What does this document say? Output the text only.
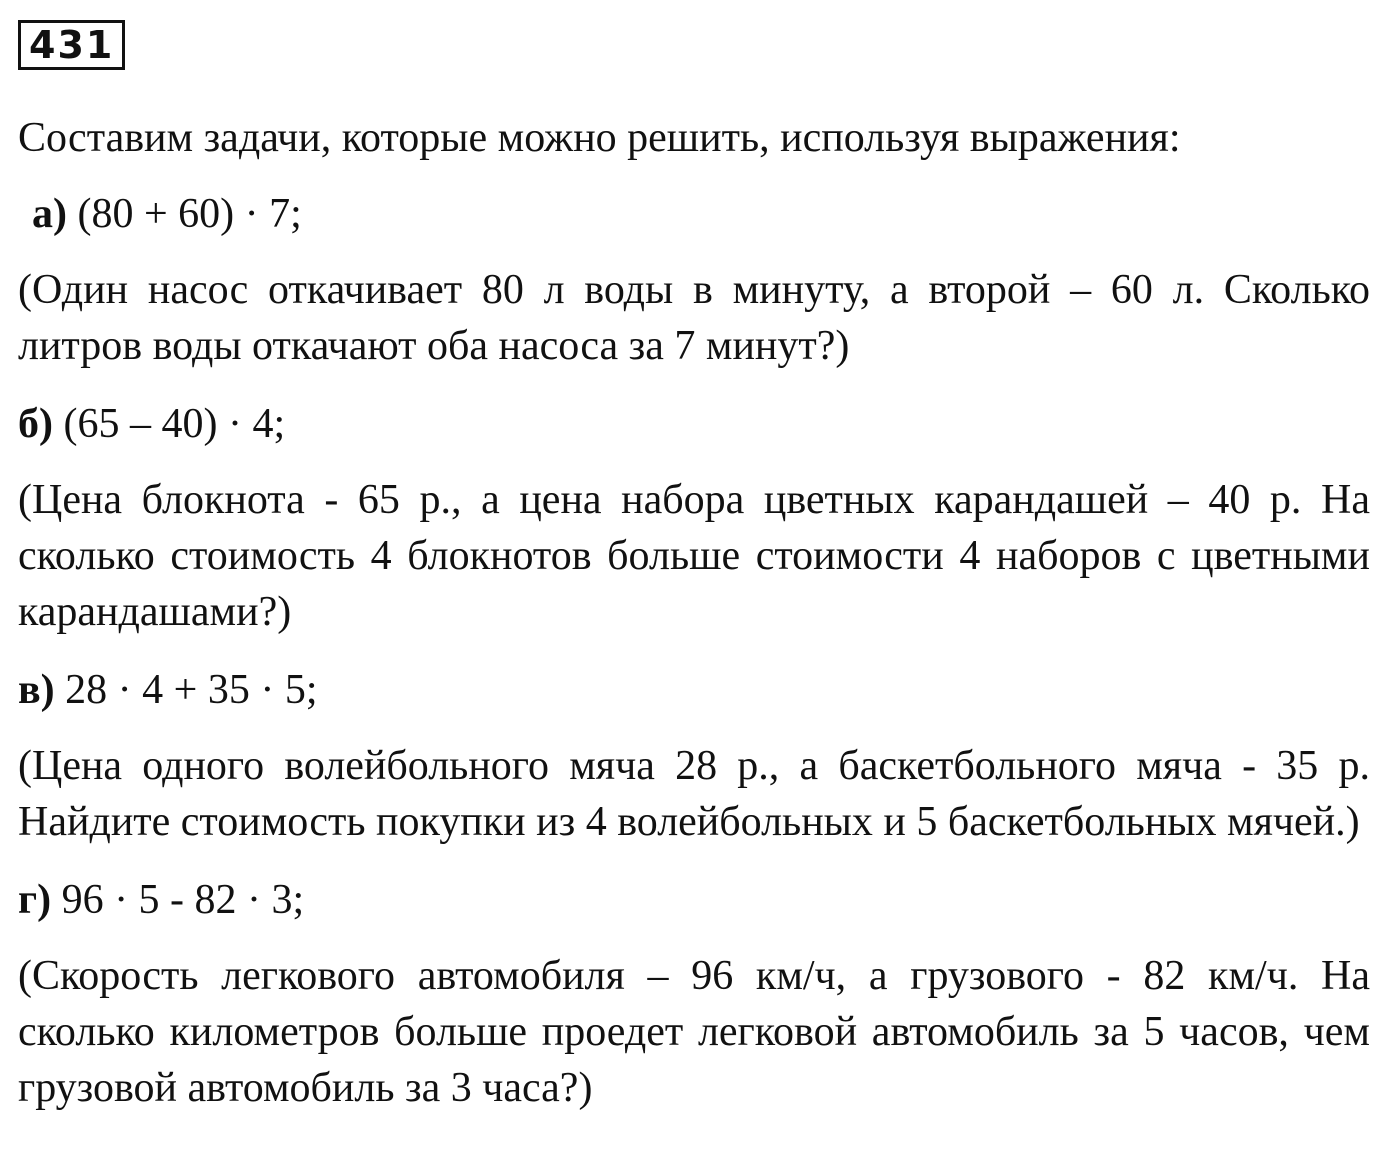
431
Составим задачи, которые можно решить, используя выражения:
а) (80 + 60) · 7;
(Один насос откачивает 80 л воды в минуту, а второй – 60 л. Сколько литров воды откачают оба насоса за 7 минут?)
б) (65 – 40) · 4;
(Цена блокнота - 65 р., а цена набора цветных карандашей – 40 р. На сколько стоимость 4 блокнотов больше стоимости 4 наборов с цветными карандашами?)
в) 28 · 4 + 35 · 5;
(Цена одного волейбольного мяча 28 р., а баскетбольного мяча - 35 р. Найдите стоимость покупки из 4 волейбольных и 5 баскетбольных мячей.)
г) 96 · 5 - 82 · 3;
(Скорость легкового автомобиля – 96 км/ч, а грузового - 82 км/ч. На сколько километров больше проедет легковой автомобиль за 5 часов, чем грузовой автомобиль за 3 часа?)
